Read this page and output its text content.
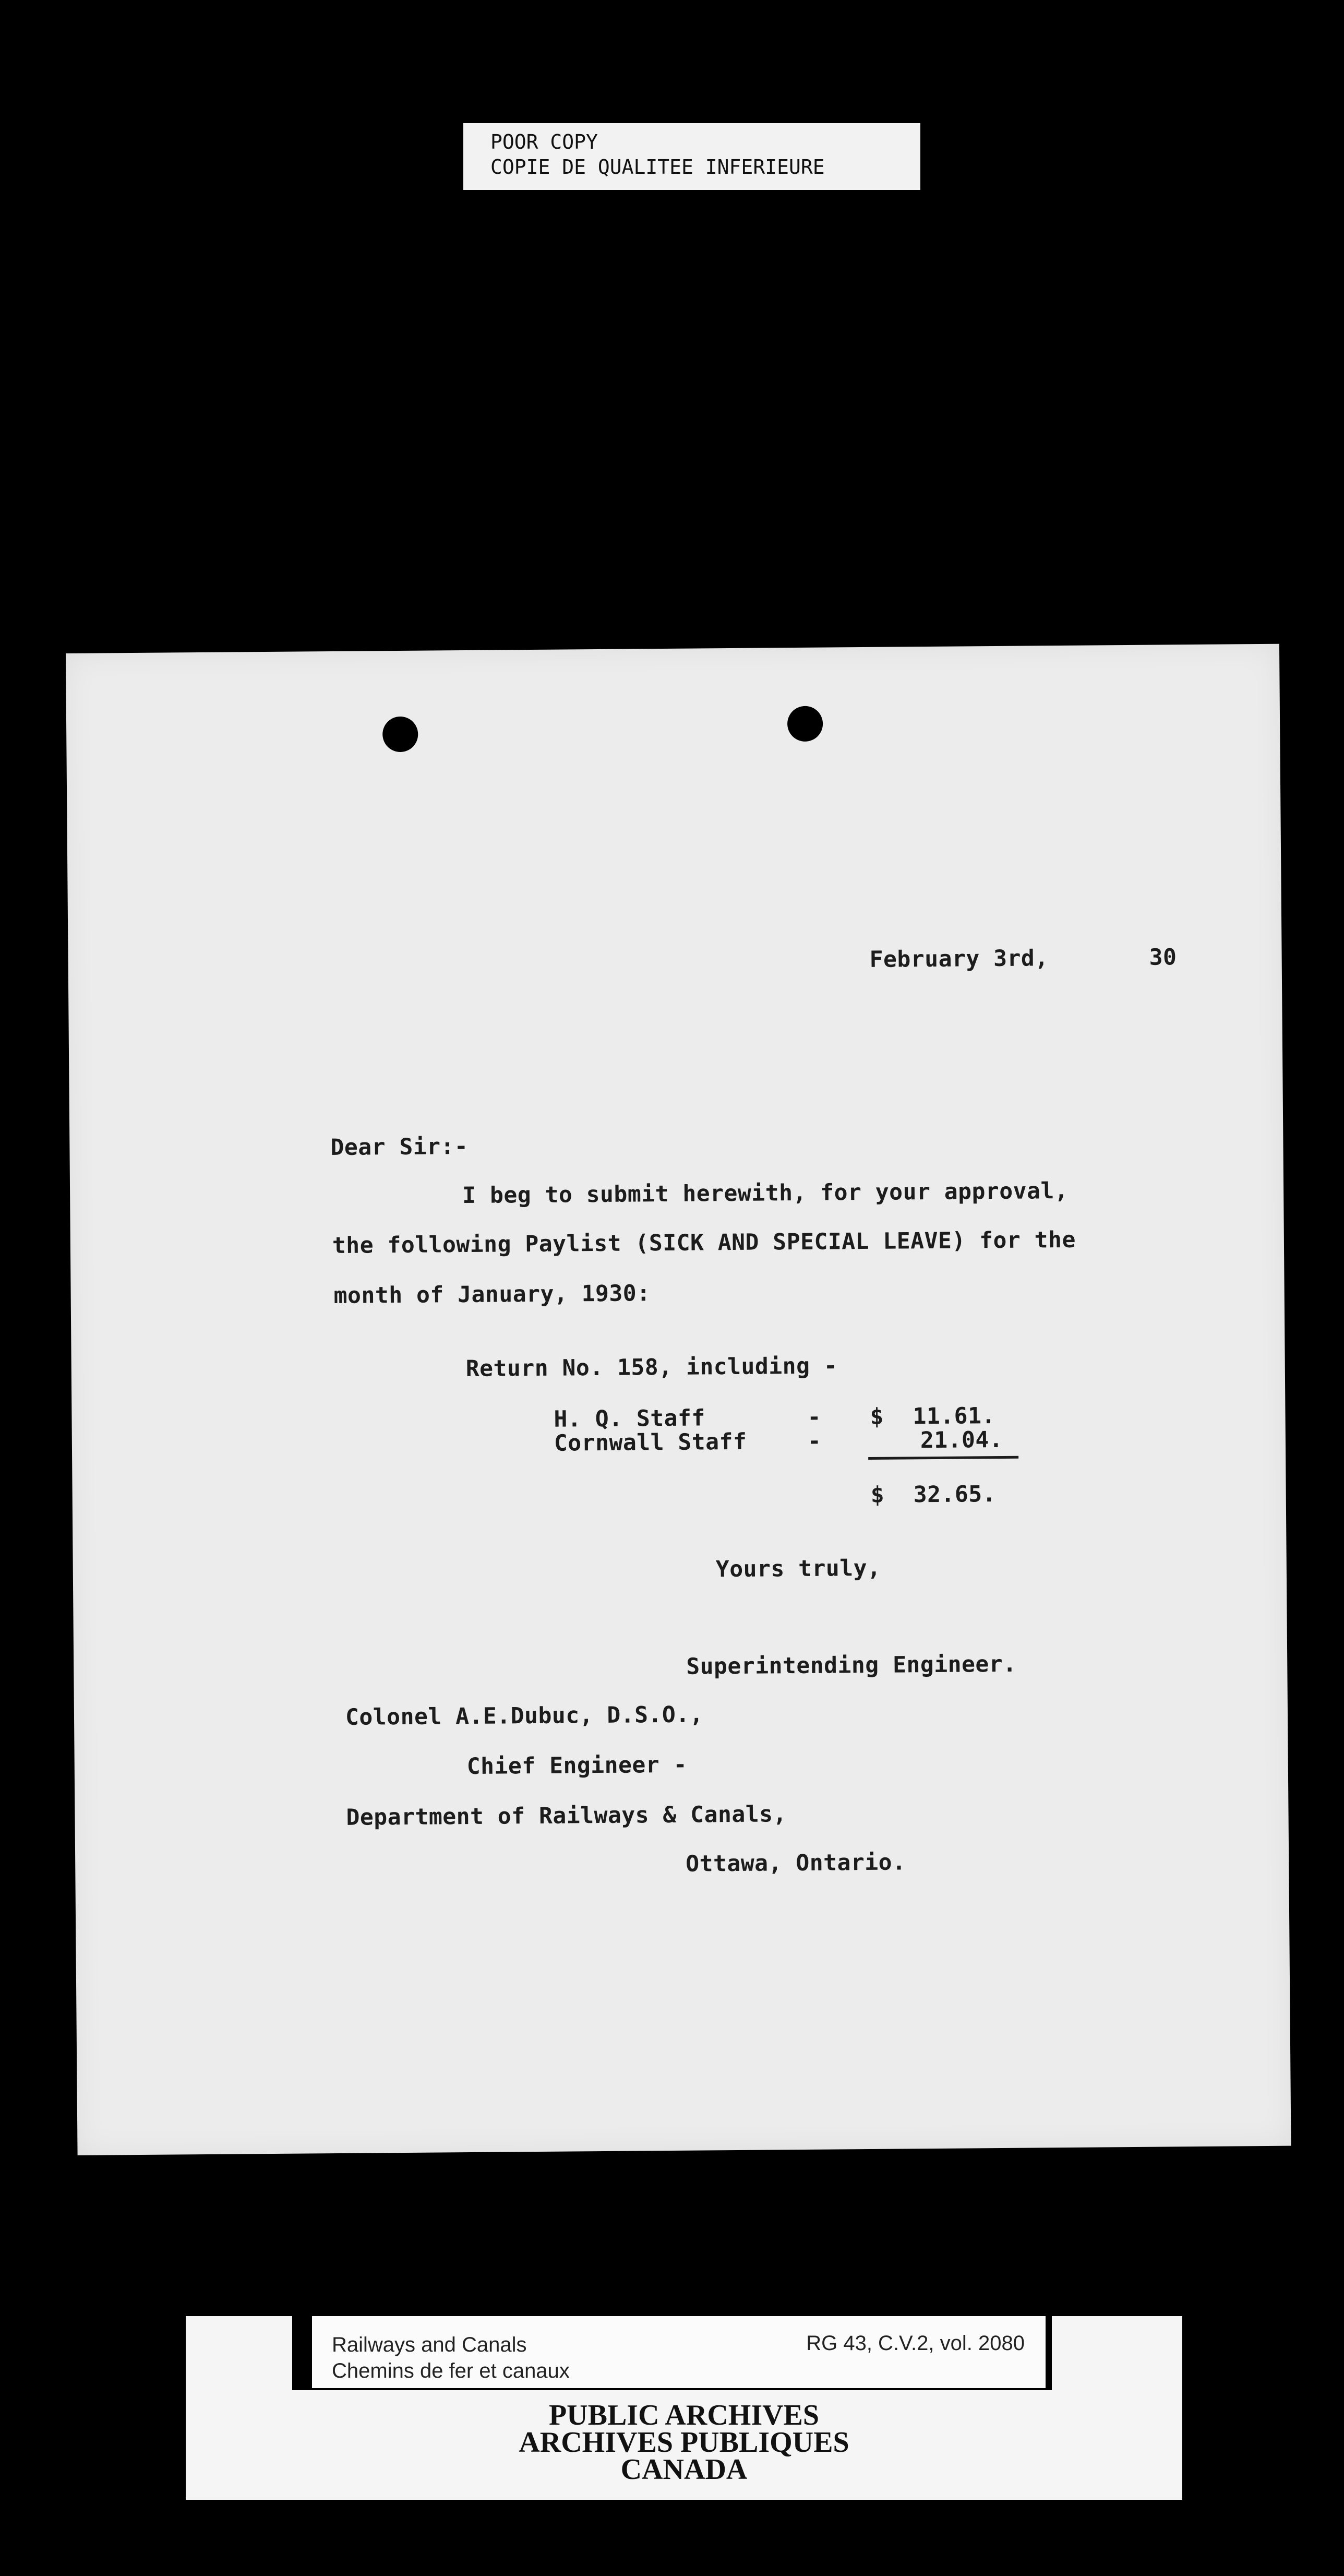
POOR COPY
COPIE DE QUALITEE INFERIEURE
February 3rd,	30
Dear Sir:-
I beg to submit herewith, for your approval,
the following Paylist (SICK AND SPECIAL LEAVE) for the
month of January, 1930:
Return No. 158, including -
H. Q. Staff	- $ 11.61.
Cornwall Staff	-	21.04.
$ 32.65.
Yours truly,
Superintending Engineer.
Colonel A.E.Dubuc, D.S.O.,
Chief Engineer -
Department of Railways & Canals,
Ottawa, Ontario.
Railways and Canals
Chemins de fer et canaux
RG 43, C.V.2, vol. 2080
PUBLIC ARCHIVES
ARCHIVES PUBLIQUES
CANADA
